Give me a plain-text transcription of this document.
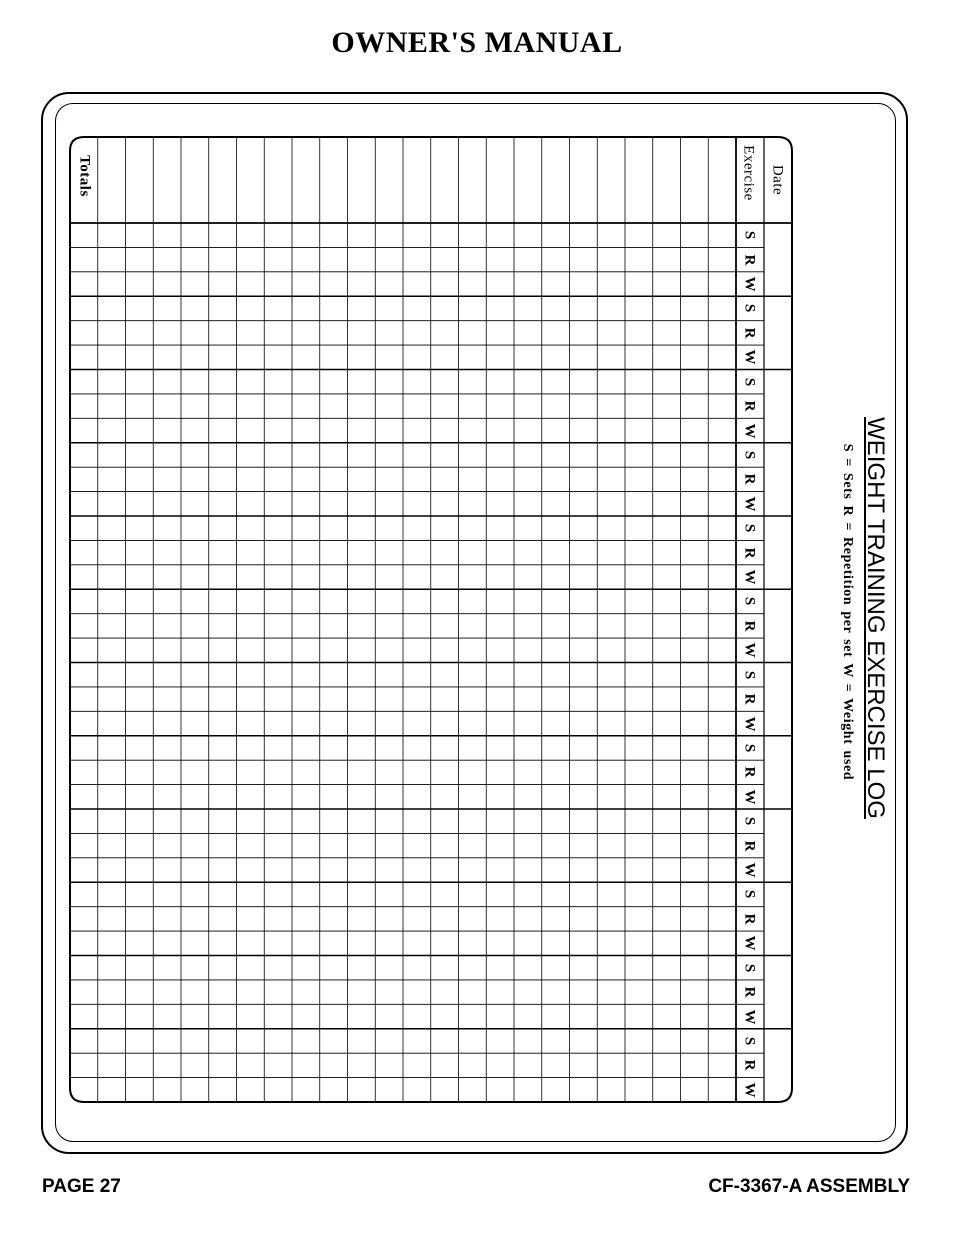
OWNER'S MANUAL
WEIGHT TRAINING EXERCISE LOG
S = Sets R = Repetition per set W = Weight used
Date
Exercise
Totals
S
R
W
S
R
W
S
R
W
S
R
W
S
R
W
S
R
W
S
R
W
S
R
W
S
R
W
S
R
W
S
R
W
S
R
W
PAGE 27	CF-3367-A ASSEMBLY
